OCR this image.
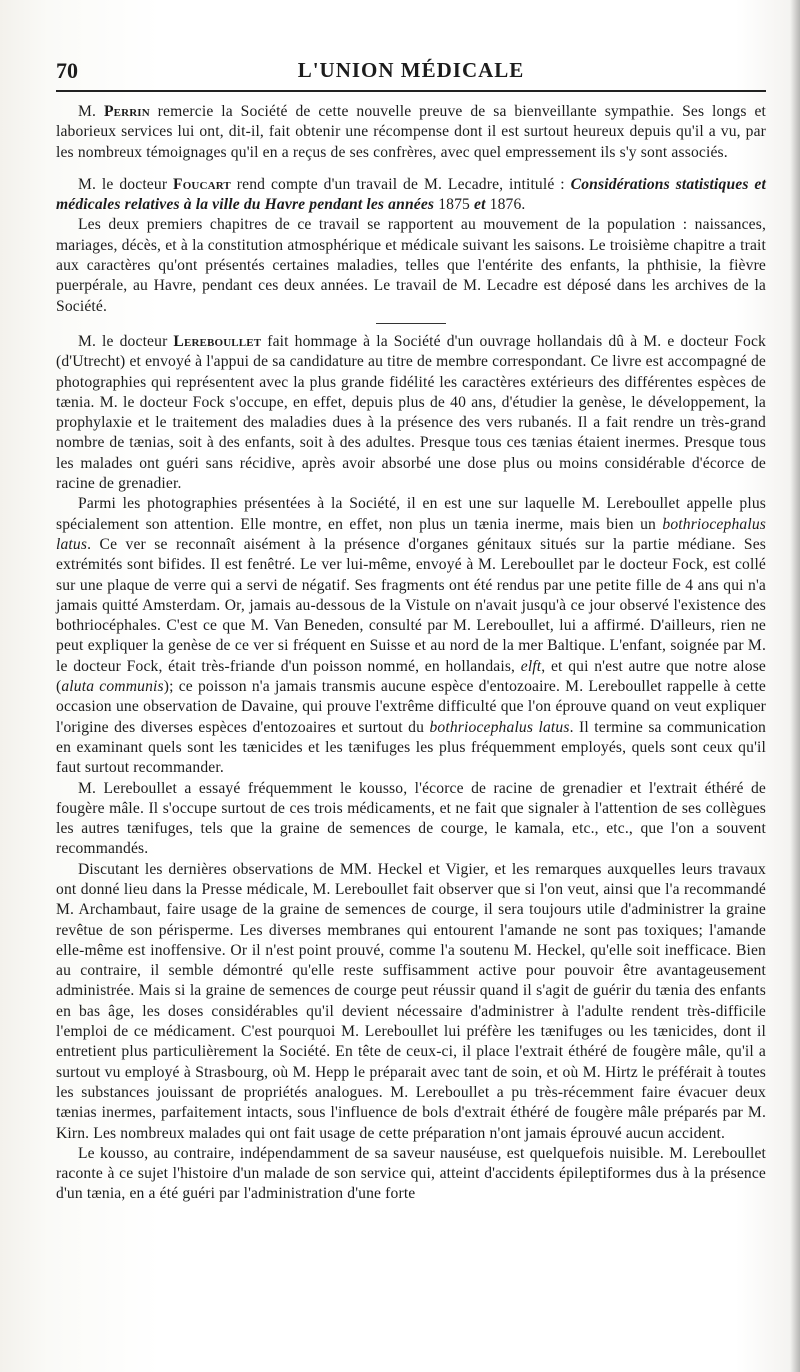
70	L'UNION MÉDICALE

M. Perrin remercie la Société de cette nouvelle preuve de sa bienveillante sympathie. Ses longs et laborieux services lui ont, dit-il, fait obtenir une récompense dont il est surtout heureux depuis qu'il a vu, par les nombreux témoignages qu'il en a reçus de ses confrères, avec quel empressement ils s'y sont associés.

M. le docteur Foucart rend compte d'un travail de M. Lecadre, intitulé : Considérations statistiques et médicales relatives à la ville du Havre pendant les années 1875 et 1876.

Les deux premiers chapitres de ce travail se rapportent au mouvement de la population : naissances, mariages, décès, et à la constitution atmosphérique et médicale suivant les saisons. Le troisième chapitre a trait aux caractères qu'ont présentés certaines maladies, telles que l'entérite des enfants, la phthisie, la fièvre puerpérale, au Havre, pendant ces deux années. Le travail de M. Lecadre est déposé dans les archives de la Société.

M. le docteur Lereboullet fait hommage à la Société d'un ouvrage hollandais dû à M. e docteur Fock (d'Utrecht) et envoyé à l'appui de sa candidature au titre de membre correspondant. Ce livre est accompagné de photographies qui représentent avec la plus grande fidélité les caractères extérieurs des différentes espèces de tænia. M. le docteur Fock s'occupe, en effet, depuis plus de 40 ans, d'étudier la genèse, le développement, la prophylaxie et le traitement des maladies dues à la présence des vers rubanés. Il a fait rendre un très-grand nombre de tænias, soit à des enfants, soit à des adultes. Presque tous ces tænias étaient inermes. Presque tous les malades ont guéri sans récidive, après avoir absorbé une dose plus ou moins considérable d'écorce de racine de grenadier.

Parmi les photographies présentées à la Société, il en est une sur laquelle M. Lereboullet appelle plus spécialement son attention. Elle montre, en effet, non plus un tænia inerme, mais bien un bothriocephalus latus. Ce ver se reconnaît aisément à la présence d'organes génitaux situés sur la partie médiane. Ses extrémités sont bifides. Il est fenêtré. Le ver lui-même, envoyé à M. Lereboullet par le docteur Fock, est collé sur une plaque de verre qui a servi de négatif. Ses fragments ont été rendus par une petite fille de 4 ans qui n'a jamais quitté Amsterdam. Or, jamais au-dessous de la Vistule on n'avait jusqu'à ce jour observé l'existence des bothriocéphales. C'est ce que M. Van Beneden, consulté par M. Lereboullet, lui a affirmé. D'ailleurs, rien ne peut expliquer la genèse de ce ver si fréquent en Suisse et au nord de la mer Baltique. L'enfant, soignée par M. le docteur Fock, était très-friande d'un poisson nommé, en hollandais, elft, et qui n'est autre que notre alose (aluta communis); ce poisson n'a jamais transmis aucune espèce d'entozoaire. M. Lereboullet rappelle à cette occasion une observation de Davaine, qui prouve l'extrême difficulté que l'on éprouve quand on veut expliquer l'origine des diverses espèces d'entozoaires et surtout du bothriocephalus latus. Il termine sa communication en examinant quels sont les tænicides et les tænifuges les plus fréquemment employés, quels sont ceux qu'il faut surtout recommander.

M. Lereboullet a essayé fréquemment le kousso, l'écorce de racine de grenadier et l'extrait éthéré de fougère mâle. Il s'occupe surtout de ces trois médicaments, et ne fait que signaler à l'attention de ses collègues les autres tænifuges, tels que la graine de semences de courge, le kamala, etc., etc., que l'on a souvent recommandés.

Discutant les dernières observations de MM. Heckel et Vigier, et les remarques auxquelles leurs travaux ont donné lieu dans la Presse médicale, M. Lereboullet fait observer que si l'on veut, ainsi que l'a recommandé M. Archambaut, faire usage de la graine de semences de courge, il sera toujours utile d'administrer la graine revêtue de son périsperme. Les diverses membranes qui entourent l'amande ne sont pas toxiques; l'amande elle-même est inoffensive. Or il n'est point prouvé, comme l'a soutenu M. Heckel, qu'elle soit inefficace. Bien au contraire, il semble démontré qu'elle reste suffisamment active pour pouvoir être avantageusement administrée. Mais si la graine de semences de courge peut réussir quand il s'agit de guérir du tænia des enfants en bas âge, les doses considérables qu'il devient nécessaire d'administrer à l'adulte rendent très-difficile l'emploi de ce médicament. C'est pourquoi M. Lereboullet lui préfère les tænifuges ou les tænicides, dont il entretient plus particulièrement la Société. En tête de ceux-ci, il place l'extrait éthéré de fougère mâle, qu'il a surtout vu employé à Strasbourg, où M. Hepp le préparait avec tant de soin, et où M. Hirtz le préférait à toutes les substances jouissant de propriétés analogues. M. Lereboullet a pu très-récemment faire évacuer deux tænias inermes, parfaitement intacts, sous l'influence de bols d'extrait éthéré de fougère mâle préparés par M. Kirn. Les nombreux malades qui ont fait usage de cette préparation n'ont jamais éprouvé aucun accident.

Le kousso, au contraire, indépendamment de sa saveur nauséuse, est quelquefois nuisible. M. Lereboullet raconte à ce sujet l'histoire d'un malade de son service qui, atteint d'accidents épileptiformes dus à la présence d'un tænia, en a été guéri par l'administration d'une forte
